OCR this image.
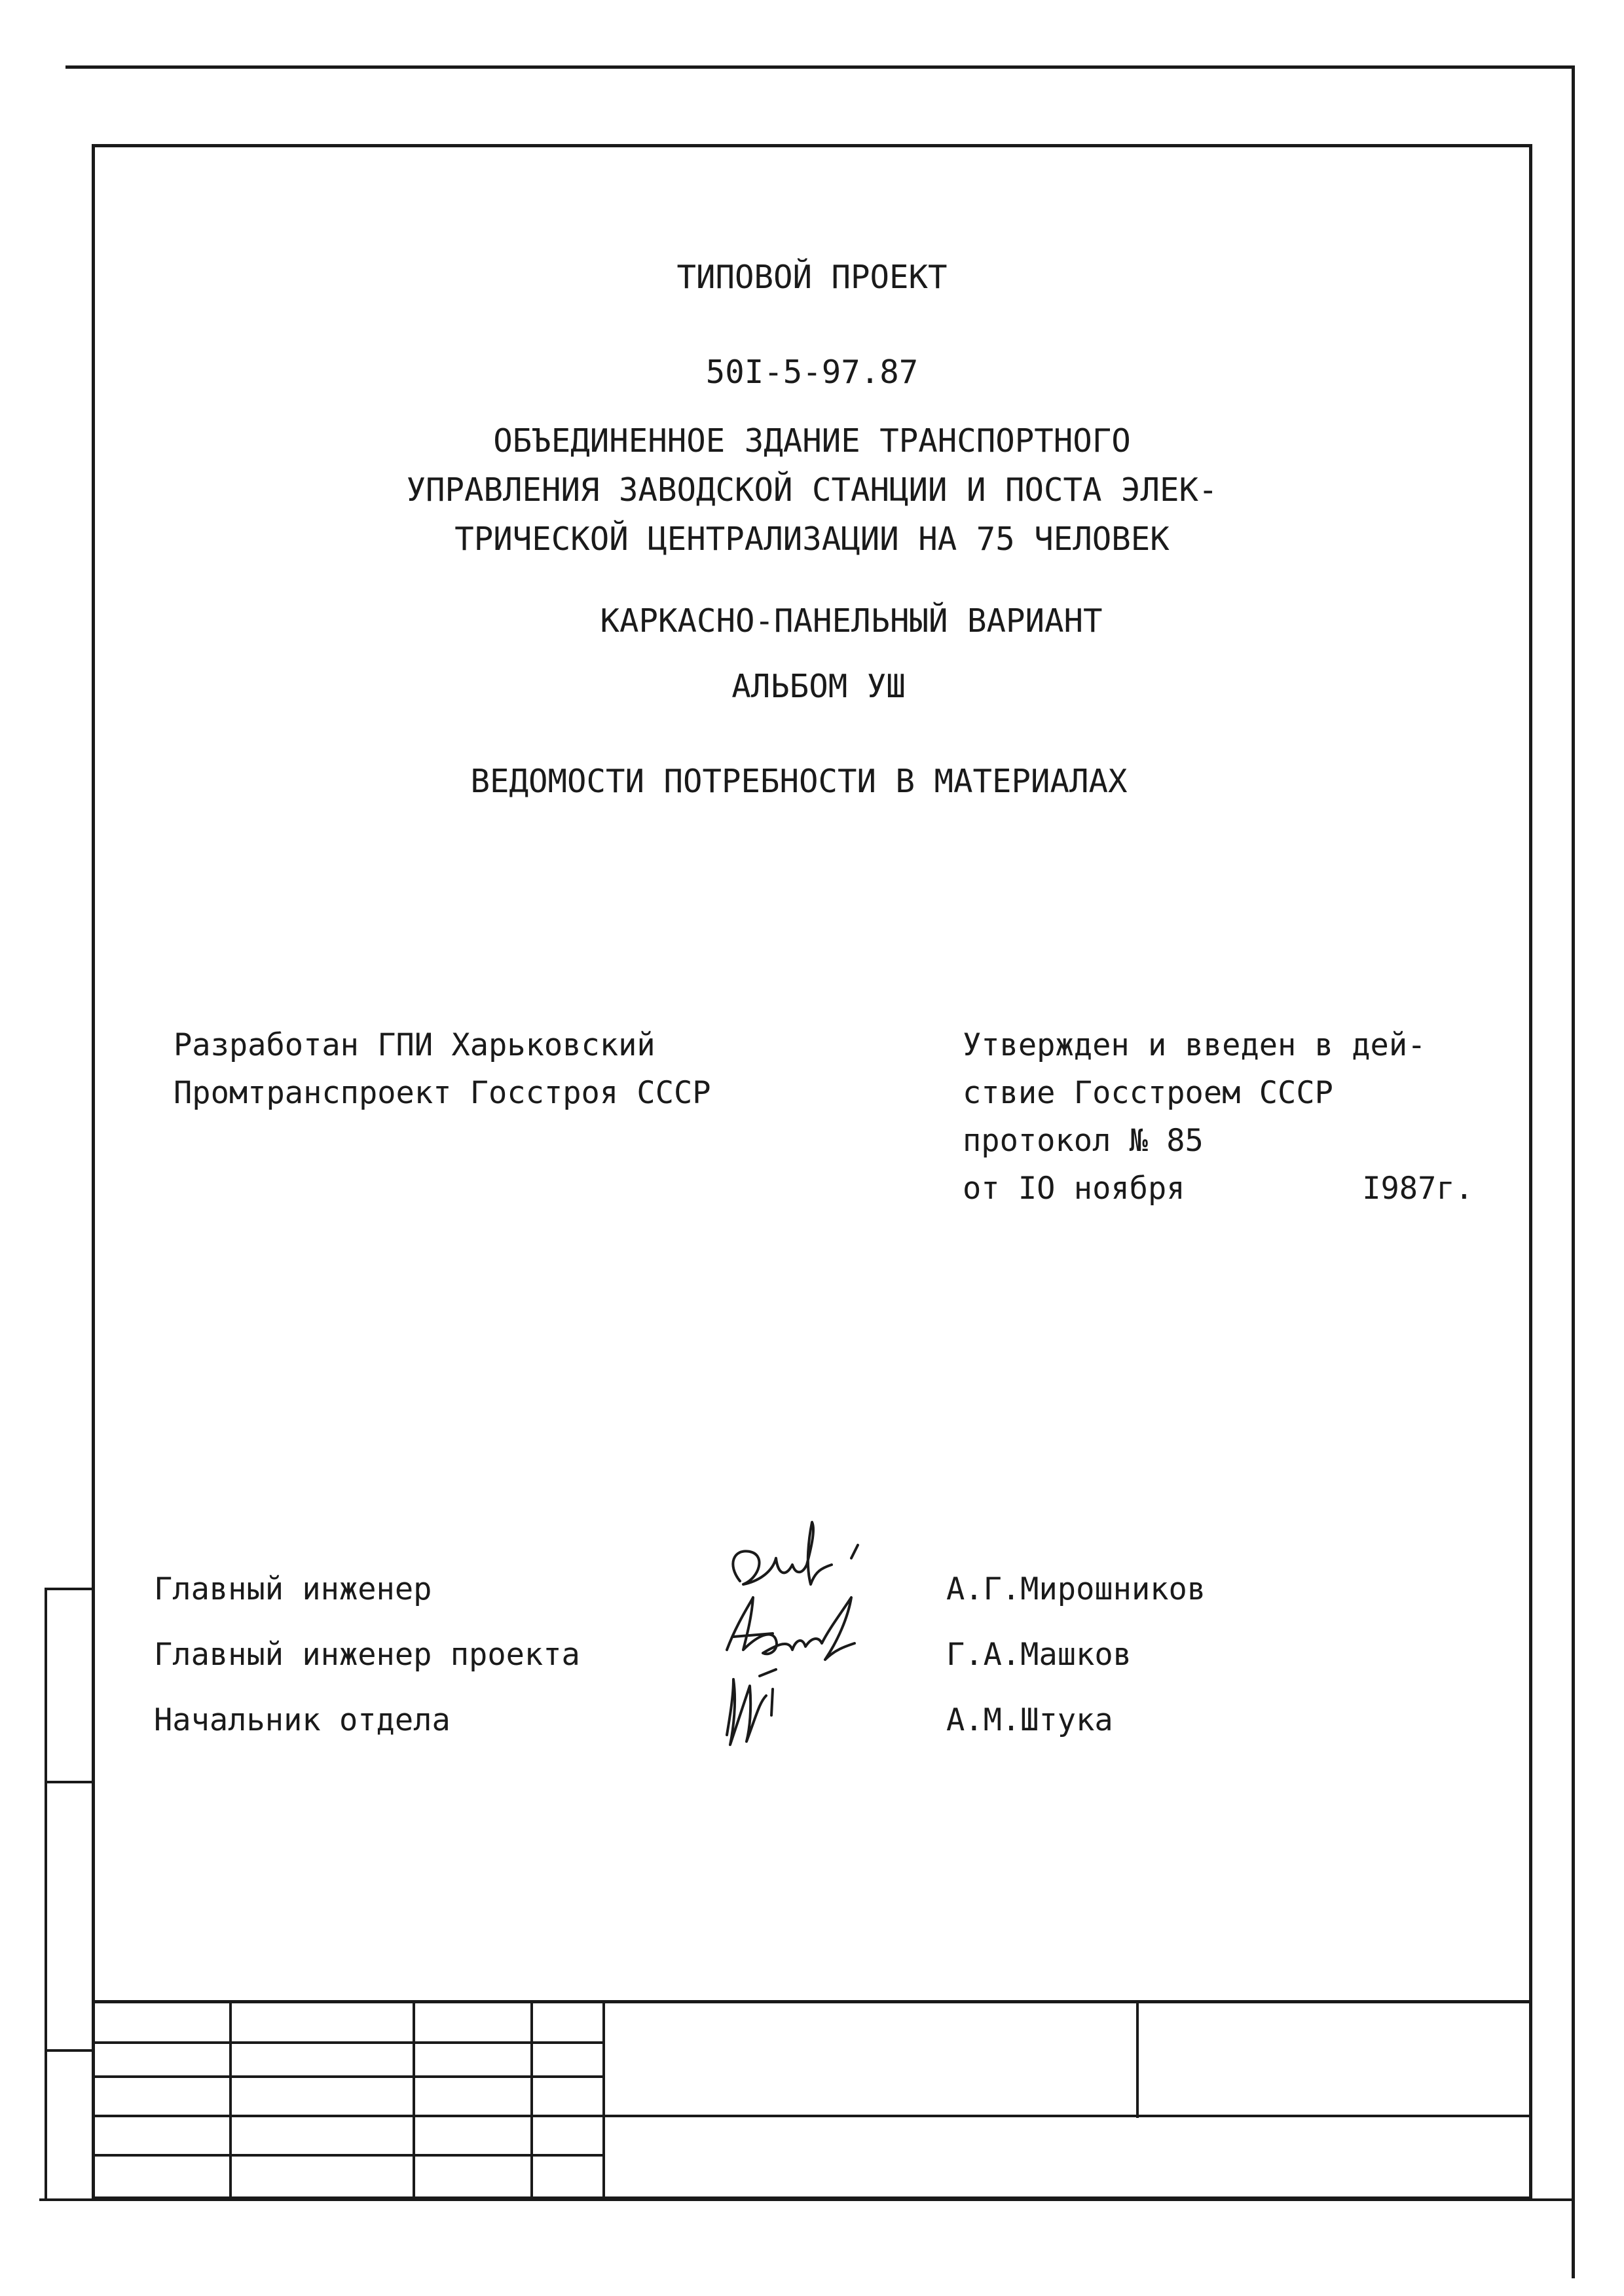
ТИПОВОЙ ПРОЕКТ
50I-5-97.87
ОБЪЕДИНЕННОЕ ЗДАНИЕ ТРАНСПОРТНОГО
УПРАВЛЕНИЯ ЗАВОДСКОЙ СТАНЦИИ И ПОСТА ЭЛЕК-
ТРИЧЕСКОЙ ЦЕНТРАЛИЗАЦИИ НА 75 ЧЕЛОВЕК
КАРКАСНО-ПАНЕЛЬНЫЙ ВАРИАНТ
АЛЬБОМ УШ
ВЕДОМОСТИ ПОТРЕБНОСТИ В МАТЕРИАЛАХ
Разработан ГПИ Харьковский
Промтранспроект Госстроя СССР
Утвержден и введен в дей-
ствие Госстроем СССР
протокол № 85
от IO ноября	I987г.
Главный инженер	А.Г.Мирошников
Главный инженер проекта	Г.А.Машков
Начальник отдела	А.М.Штука
